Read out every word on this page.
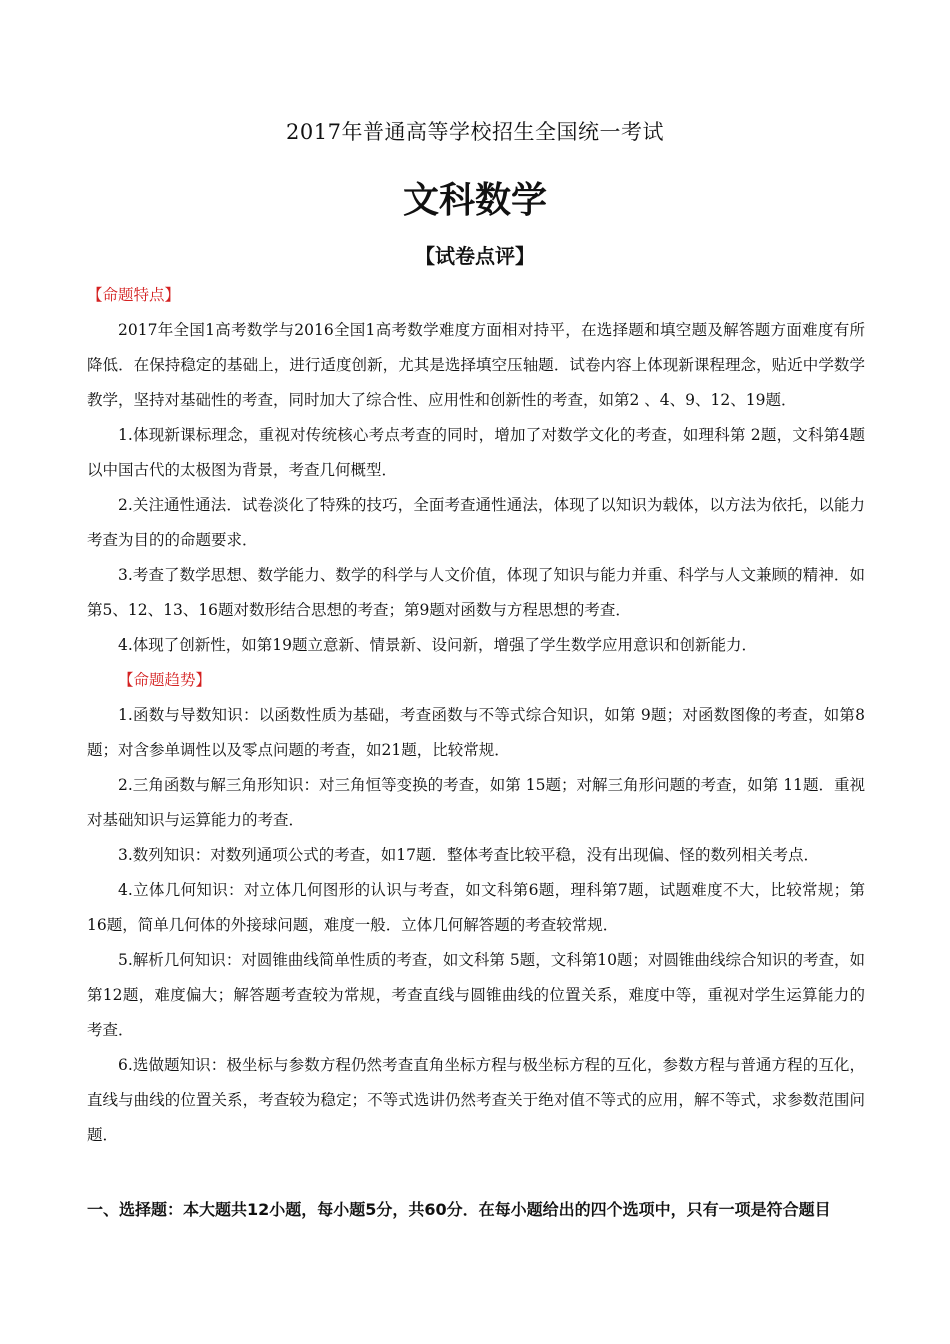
2017年普通高等学校招生全国统一考试
文科数学
【试卷点评】
【命题特点】

2017年全国1高考数学与2016全国1高考数学难度方面相对持平，在选择题和填空题及解答题方面难度有所降低．在保持稳定的基础上，进行适度创新，尤其是选择填空压轴题．试卷内容上体现新课程理念，贴近中学数学教学，坚持对基础性的考查，同时加大了综合性、应用性和创新性的考查，如第2 、4、9、12、19题．

1.体现新课标理念，重视对传统核心考点考查的同时，增加了对数学文化的考查，如理科第 2题，文科第4题以中国古代的太极图为背景，考查几何概型．

2.关注通性通法．试卷淡化了特殊的技巧，全面考查通性通法，体现了以知识为载体，以方法为依托，以能力考查为目的的命题要求．

3.考查了数学思想、数学能力、数学的科学与人文价值，体现了知识与能力并重、科学与人文兼顾的精神．如第5、12、13、16题对数形结合思想的考查；第9题对函数与方程思想的考查．

4.体现了创新性，如第19题立意新、情景新、设问新，增强了学生数学应用意识和创新能力．

【命题趋势】

1.函数与导数知识：以函数性质为基础，考查函数与不等式综合知识，如第 9题；对函数图像的考查，如第8题；对含参单调性以及零点问题的考查，如21题，比较常规．

2.三角函数与解三角形知识：对三角恒等变换的考查，如第 15题；对解三角形问题的考查，如第 11题．重视对基础知识与运算能力的考查．

3.数列知识：对数列通项公式的考查，如17题．整体考查比较平稳，没有出现偏、怪的数列相关考点．

4.立体几何知识：对立体几何图形的认识与考查，如文科第6题，理科第7题，试题难度不大，比较常规；第16题，简单几何体的外接球问题，难度一般．立体几何解答题的考查较常规．

5.解析几何知识：对圆锥曲线简单性质的考查，如文科第 5题，文科第10题；对圆锥曲线综合知识的考查，如第12题，难度偏大；解答题考查较为常规，考查直线与圆锥曲线的位置关系，难度中等，重视对学生运算能力的考查．

6.选做题知识：极坐标与参数方程仍然考查直角坐标方程与极坐标方程的互化，参数方程与普通方程的互化，直线与曲线的位置关系，考查较为稳定；不等式选讲仍然考查关于绝对值不等式的应用，解不等式，求参数范围问题．

一、选择题：本大题共12小题，每小题5分，共60分．在每小题给出的四个选项中，只有一项是符合题目
